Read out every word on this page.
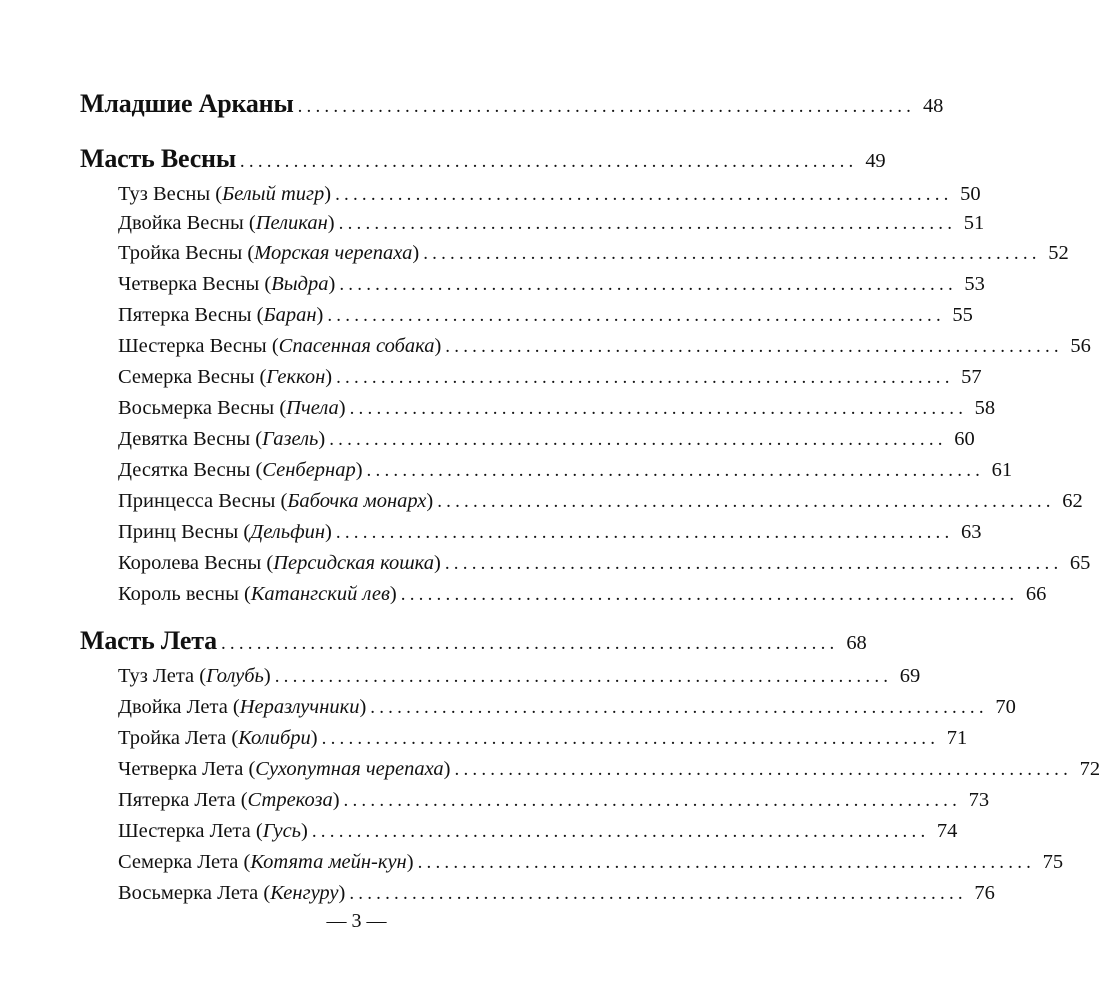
Младшие Арканы ..................................................................... 48
Масть Весны ..................................................................... 49
Туз Весны (Белый тигр) ..................................................................... 50
Двойка Весны (Пеликан) ..................................................................... 51
Тройка Весны (Морская черепаха) ..................................................................... 52
Четверка Весны (Выдра) ..................................................................... 53
Пятерка Весны (Баран) ..................................................................... 55
Шестерка Весны (Спасенная собака) ..................................................................... 56
Семерка Весны (Геккон) ..................................................................... 57
Восьмерка Весны (Пчела) ..................................................................... 58
Девятка Весны (Газель) ..................................................................... 60
Десятка Весны (Сенбернар) ..................................................................... 61
Принцесса Весны (Бабочка монарх) ..................................................................... 62
Принц Весны (Дельфин) ..................................................................... 63
Королева Весны (Персидская кошка) ..................................................................... 65
Король весны (Катангский лев) ..................................................................... 66
Масть Лета ..................................................................... 68
Туз Лета (Голубь) ..................................................................... 69
Двойка Лета (Неразлучники) ..................................................................... 70
Тройка Лета (Колибри) ..................................................................... 71
Четверка Лета (Сухопутная черепаха) ..................................................................... 72
Пятерка Лета (Стрекоза) ..................................................................... 73
Шестерка Лета (Гусь) ..................................................................... 74
Семерка Лета (Котята мейн-кун) ..................................................................... 75
Восьмерка Лета (Кенгуру) ..................................................................... 76
— 3 —
